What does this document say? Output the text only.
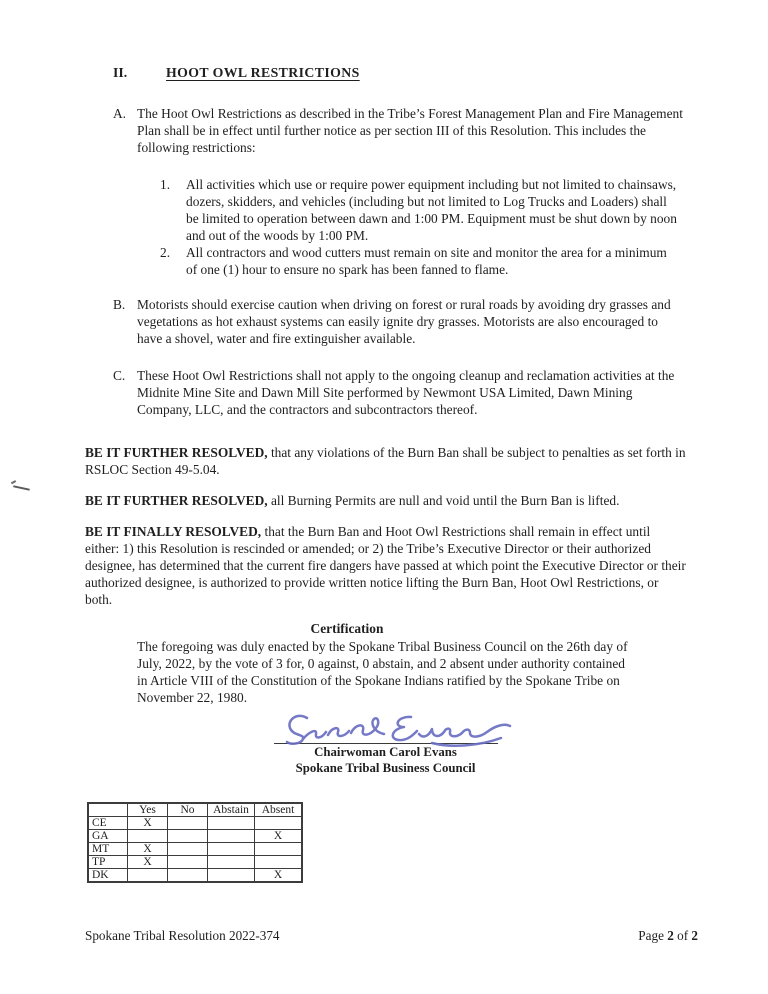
II.	HOOT OWL RESTRICTIONS
A. The Hoot Owl Restrictions as described in the Tribe’s Forest Management Plan and Fire Management Plan shall be in effect until further notice as per section III of this Resolution. This includes the following restrictions:
1.	All activities which use or require power equipment including but not limited to chainsaws, dozers, skidders, and vehicles (including but not limited to Log Trucks and Loaders) shall be limited to operation between dawn and 1:00 PM. Equipment must be shut down by noon and out of the woods by 1:00 PM.
2.	All contractors and wood cutters must remain on site and monitor the area for a minimum of one (1) hour to ensure no spark has been fanned to flame.
B. Motorists should exercise caution when driving on forest or rural roads by avoiding dry grasses and vegetations as hot exhaust systems can easily ignite dry grasses. Motorists are also encouraged to have a shovel, water and fire extinguisher available.
C. These Hoot Owl Restrictions shall not apply to the ongoing cleanup and reclamation activities at the Midnite Mine Site and Dawn Mill Site performed by Newmont USA Limited, Dawn Mining Company, LLC, and the contractors and subcontractors thereof.

BE IT FURTHER RESOLVED, that any violations of the Burn Ban shall be subject to penalties as set forth in RSLOC Section 49-5.04.

BE IT FURTHER RESOLVED, all Burning Permits are null and void until the Burn Ban is lifted.

BE IT FINALLY RESOLVED, that the Burn Ban and Hoot Owl Restrictions shall remain in effect until either: 1) this Resolution is rescinded or amended; or 2) the Tribe’s Executive Director or their authorized designee, has determined that the current fire dangers have passed at which point the Executive Director or their authorized designee, is authorized to provide written notice lifting the Burn Ban, Hoot Owl Restrictions, or both.

Certification
The foregoing was duly enacted by the Spokane Tribal Business Council on the 26th day of July, 2022, by the vote of 3 for, 0 against, 0 abstain, and 2 absent under authority contained in Article VIII of the Constitution of the Spokane Indians ratified by the Spokane Tribe on November 22, 1980.
Chairwoman Carol Evans
Spokane Tribal Business Council
	Yes	No	Abstain	Absent
CE	X			
GA				X
MT	X			
TP	X			
DK				X
Spokane Tribal Resolution 2022-374	Page 2 of 2
